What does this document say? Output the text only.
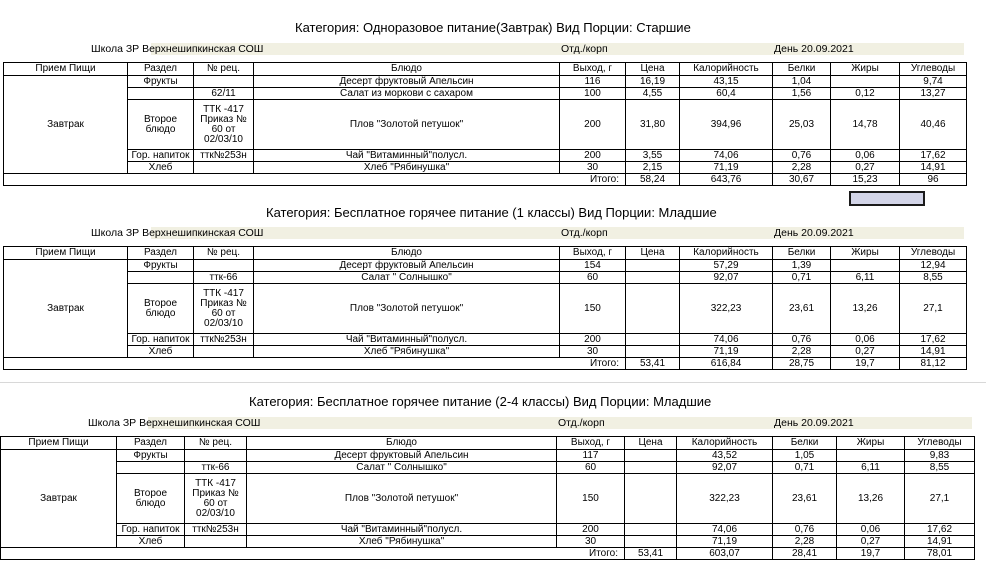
Категория: Одноразовое питание(Завтрак) Вид Порции: Старшие
Школа ЗР Верхнешипкинская СОШ	Отд./корп	День 20.09.2021
Прием Пищи	Раздел	№ рец.	Блюдо	Выход, г	Цена	Калорийность	Белки	Жиры	Углеводы
Завтрак	Фрукты		Десерт фруктовый Апельсин	116	16,19	43,15	1,04		9,74
		62/11	Салат из моркови с сахаром	100	4,55	60,4	1,56	0,12	13,27
	Второе блюдо	ТТК -417 Приказ № 60 от 02/03/10	Плов "Золотой петушок"	200	31,80	394,96	25,03	14,78	40,46
	Гор. напиток	ттк№253н	Чай "Витаминный"полусл.	200	3,55	74,06	0,76	0,06	17,62
	Хлеб		Хлеб "Рябинушка"	30	2,15	71,19	2,28	0,27	14,91
Итого:					58,24	643,76	30,67	15,23	96
Категория: Бесплатное горячее питание (1 классы) Вид Порции: Младшие
Школа ЗР Верхнешипкинская СОШ	Отд./корп	День 20.09.2021
Прием Пищи	Раздел	№ рец.	Блюдо	Выход, г	Цена	Калорийность	Белки	Жиры	Углеводы
Завтрак	Фрукты		Десерт фруктовый Апельсин	154		57,29	1,39		12,94
		ттк-66	Салат " Солнышко"	60		92,07	0,71	6,11	8,55
	Второе блюдо	ТТК -417 Приказ № 60 от 02/03/10	Плов "Золотой петушок"	150		322,23	23,61	13,26	27,1
	Гор. напиток	ттк№253н	Чай "Витаминный"полусл.	200		74,06	0,76	0,06	17,62
	Хлеб		Хлеб "Рябинушка"	30		71,19	2,28	0,27	14,91
Итого:					53,41	616,84	28,75	19,7	81,12
Категория: Бесплатное горячее питание (2-4 классы) Вид Порции: Младшие
Школа ЗР Верхнешипкинская СОШ	Отд./корп	День 20.09.2021
Прием Пищи	Раздел	№ рец.	Блюдо	Выход, г	Цена	Калорийность	Белки	Жиры	Углеводы
Завтрак	Фрукты		Десерт фруктовый Апельсин	117		43,52	1,05		9,83
		ттк-66	Салат " Солнышко"	60		92,07	0,71	6,11	8,55
	Второе блюдо	ТТК -417 Приказ № 60 от 02/03/10	Плов "Золотой петушок"	150		322,23	23,61	13,26	27,1
	Гор. напиток	ттк№253н	Чай "Витаминный"полусл.	200		74,06	0,76	0,06	17,62
	Хлеб		Хлеб "Рябинушка"	30		71,19	2,28	0,27	14,91
Итого:					53,41	603,07	28,41	19,7	78,01
